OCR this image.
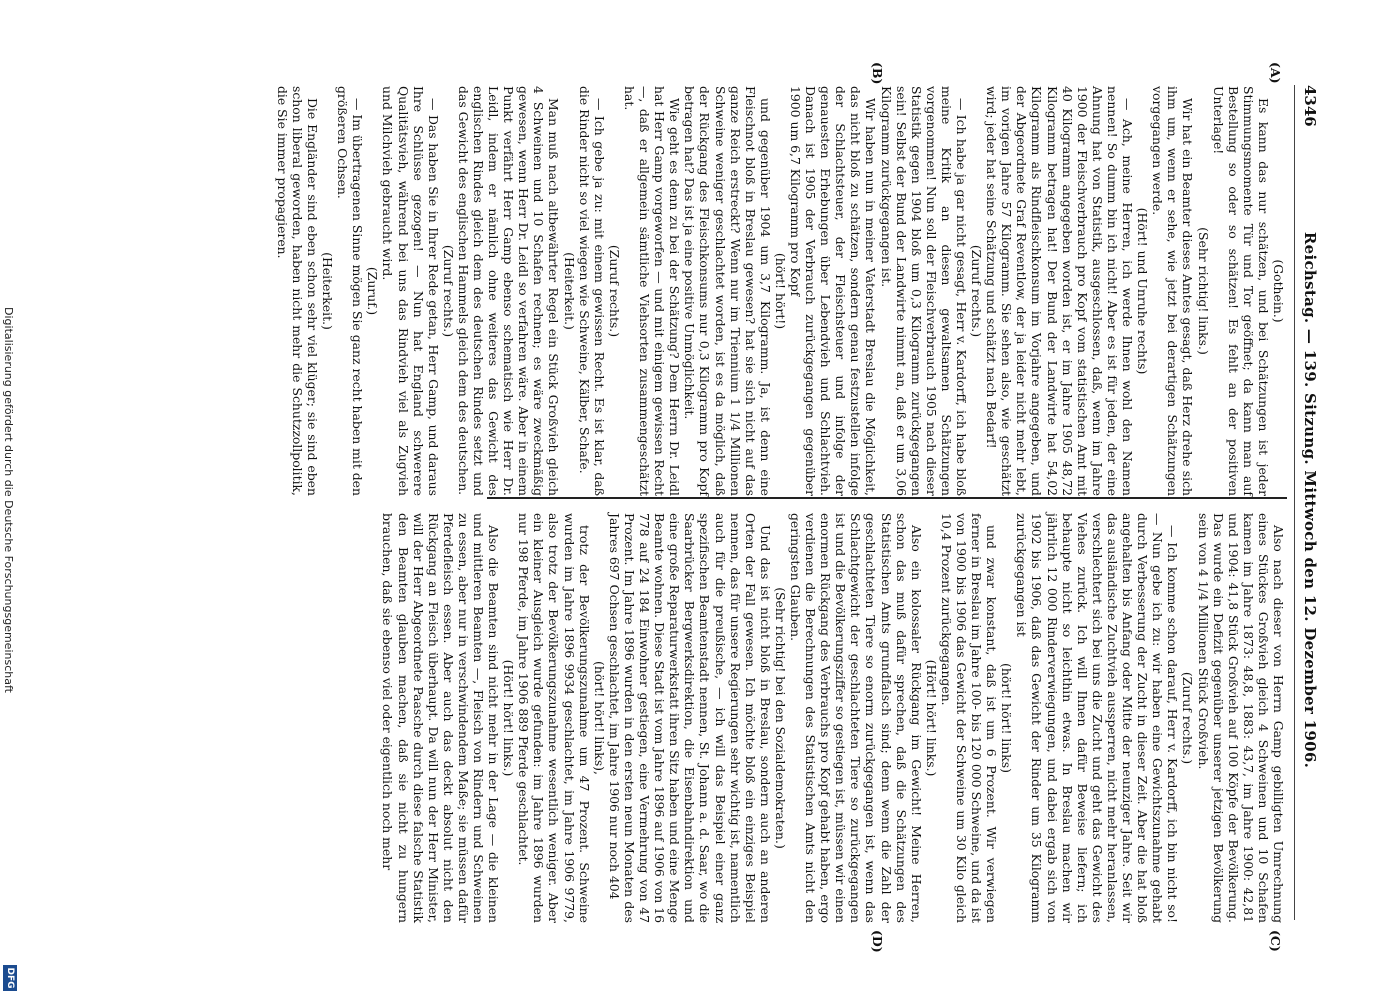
4346
Reichstag. — 139. Sitzung. Mittwoch den 12. Dezember 1906.
(A)
(B)
(C)
(D)

(Gothein.)

Es kann das nur schätzen, und bei Schätzungen ist jeder Stimmungsmomente Tür und Tor geöffnet; da kann man auf Bestellung so oder so schätzen! Es fehlt an der positiven Unterlage!

(Sehr richtig! links.)

Wir hat ein Beamter dieses Amtes gesagt, daß Herz drehe sich ihm um, wenn er sehe, wie jetzt bei derartigen Schätzungen vorgegangen werde.

(Hört! und Unruhe rechts)

— Ach, meine Herren, ich werde Ihnen wohl den Namen nennen! So dumm bin ich nicht! Aber es ist für jeden, der eine Ahnung hat von Statistik, ausgeschlossen, daß, wenn im Jahre 1900 der Fleischverbrauch pro Kopf vom statistischen Amt mit 40 Kilogramm angegeben worden ist, er im Jahre 1905 48,72 Kilogramm betragen hat! Der Bund der Landwirte hat 54,02 Kilogramm als Rindfleischkonsum im Vorjahre angegeben, und der Abgeordnete Graf Reventlow, der ja leider nicht mehr lebt, im vorigen Jahre 57 Kilogramm. Sie sehen also, wie geschätzt wird; jeder hat seine Schätzung und schätzt nach Bedarf!

(Zuruf rechts.)

— Ich habe ja gar nicht gesagt, Herr v. Kardorff, ich habe bloß meine Kritik an diesen gewaltsamen Schätzungen vorgenommen! Nun soll der Fleischverbrauch 1905 nach dieser Statistik gegen 1904 bloß um 0,3 Kilogramm zurückgegangen sein! Selbst der Bund der Landwirte nimmt an, daß er um 3,06 Kilogramm zurückgegangen ist.

Wir haben nun in meiner Vaterstadt Breslau die Möglichkeit, das nicht bloß zu schätzen, sondern genau festzustellen infolge der Schlachtsteuer, der Fleischsteuer und infolge der genauesten Erhebungen über Lebendvieh und Schlachtvieh. Danach ist 1905 der Verbrauch zurückgegangen gegenüber 1900 um 6,7 Kilogramm pro Kopf

(hört! hört!)

und gegenüber 1904 um 3,7 Kilogramm. Ja, ist denn eine Fleischnot bloß in Breslau gewesen? hat sie sich nicht auf das ganze Reich erstreckt? Wenn nur im Triennium 1 1/4 Millionen Schweine weniger geschlachtet worden, ist es da möglich, daß der Rückgang des Fleischkonsums nur 0,3 Kilogramm pro Kopf betragen hat? Das ist ja eine positive Unmöglichkeit.

Wie geht es denn zu bei der Schätzung? Dem Herrn Dr. Leidl hat Herr Gamp vorgeworfen — und mit einigem gewissen Recht —, daß er allgemein sämtliche Viehsorten zusammengeschätzt hat.

(Zuruf rechts.)

— Ich gebe ja zu: mit einem gewissen Recht. Es ist klar, daß die Rinder nicht so viel wiegen wie Schweine, Kälber, Schafe.

(Heiterkeit.)

Man muß nach altbewährter Regel ein Stück Großvieh gleich 4 Schweinen und 10 Schafen rechnen; es wäre zweckmäßig gewesen, wenn Herr Dr. Leidl so verfahren wäre. Aber in einem Punkt verfährt Herr Gamp ebenso schematisch wie Herr Dr. Leidl, indem er nämlich ohne weiteres das Gewicht des englischen Rindes gleich dem des deutschen Rindes setzt und das Gewicht des englischen Hammels gleich dem des deutschen.

(Zuruf rechts.)

— Das haben Sie in Ihrer Rede getan, Herr Gamp, und daraus Ihre Schlüsse gezogen! — Nun hat England schwerere Qualitätsvieh, während bei uns das Rindvieh viel als Zugvieh und Milchvieh gebraucht wird.

(Zuruf.)

— Im übertragenen Sinne mögen Sie ganz recht haben mit den größeren Ochsen.

(Heiterkeit.)

Die Engländer sind eben schon sehr viel klüger; sie sind eben schon liberal geworden, haben nicht mehr die Schutzzollpolitik, die Sie immer propagieren.

Also nach dieser von Herrn Gamp gebilligten Umrechnung eines Stückes Großvieh gleich 4 Schweinen und 10 Schafen kamen im Jahre 1873: 48,8, 1883: 43,7, im Jahre 1900: 42,81 und 1904: 41,8 Stück Großvieh auf 100 Köpfe der Bevölkerung. Das wurde ein Defizit gegenüber unserer jetzigen Bevölkerung sein von 4 1/4 Millionen Stück Großvieh.

(Zuruf rechts.)

— Ich komme schon darauf, Herr v. Kardorff, ich bin nicht so! — Nun gebe ich zu: wir haben eine Gewichtszunahme gehabt durch Verbesserung der Zucht in dieser Zeit. Aber die hat bloß angehalten bis Anfang oder Mitte der neunziger Jahre. Seit wir das ausländische Zuchtvieh aussperren, nicht mehr heranlassen, verschlechtert sich bei uns die Zucht und geht das Gewicht des Viehes zurück. Ich will Ihnen dafür Beweise liefern; ich behaupte nicht so leichthin etwas. In Breslau machen wir jährlich 12 000 Rinderverwiegungen, und dabei ergab sich von 1902 bis 1906, daß das Gewicht der Rinder um 35 Kilogramm zurückgegangen ist

(hört! hört! links)

und zwar konstant, daß ist um 6 Prozent. Wir verwiegen ferner in Breslau im Jahre 100- bis 120 000 Schweine, und da ist von 1900 bis 1906 das Gewicht der Schweine um 30 Kilo gleich 10,4 Prozent zurückgegangen.

(Hört! hört! links.)

Also ein kolossaler Rückgang im Gewicht! Meine Herren, schon das muß dafür sprechen, daß die Schätzungen des Statistischen Amts grundfalsch sind; denn wenn die Zahl der geschlachteten Tiere so enorm zurückgegangen ist, wenn das Schlachtgewicht der geschlachteten Tiere so zurückgegangen ist und die Bevölkerungsziffer so gestiegen ist, müssen wir einen enormen Rückgang des Verbrauchs pro Kopf gehabt haben, ergo verdienen die Berechnungen des Statistischen Amts nicht den geringsten Glauben.

(Sehr richtig! bei den Sozialdemokraten.)

Und das ist nicht bloß in Breslau, sondern auch an anderen Orten der Fall gewesen. Ich möchte bloß ein einziges Beispiel nennen, das für unsere Regierungen sehr wichtig ist, namentlich auch für die preußische, — ich will das Beispiel einer ganz spezifischen Beamtenstadt nennen, St. Johann a. d. Saar, wo die Saarbrücker Bergwerksdirektion, die Eisenbahndirektion und eine große Reparaturwerkstatt ihren Sitz haben und eine Menge Beamte wohnen. Diese Stadt ist vom Jahre 1896 auf 1906 von 16 778 auf 24 184 Einwohner gestiegen, eine Vermehrung von 47 Prozent. Im Jahre 1896 wurden in den ersten neun Monaten des Jahres 697 Ochsen geschlachtet, im Jahre 1906 nur noch 404

(hört! hört! links),

trotz der Bevölkerungszunahme um 47 Prozent. Schweine wurden im Jahre 1896 9934 geschlachtet, im Jahre 1906 9779, also trotz der Bevölkerungszunahme wesentlich weniger. Aber ein kleiner Ausgleich wurde gefunden: im Jahre 1896 wurden nur 198 Pferde, im Jahre 1906 889 Pferde geschlachtet.

(Hört! hört! links.)

Also die Beamten sind nicht mehr in der Lage — die kleinen und mittleren Beamten —, Fleisch von Rindern und Schweinen zu essen, aber nur in verschwindendem Maße; sie müssen dafür Pferdefleisch essen. Aber auch das deckt absolut nicht den Rückgang an Fleisch überhaupt. Da will nun der Herr Minister, will der Herr Abgeordnete Paasche durch diese falsche Statistik den Beamten glauben machen, daß sie nicht zu hungern brauchen, daß sie ebenso viel oder eigentlich noch mehr

Digitalisierung gefördert durch die Deutsche Forschungsgemeinschaft
DFG
